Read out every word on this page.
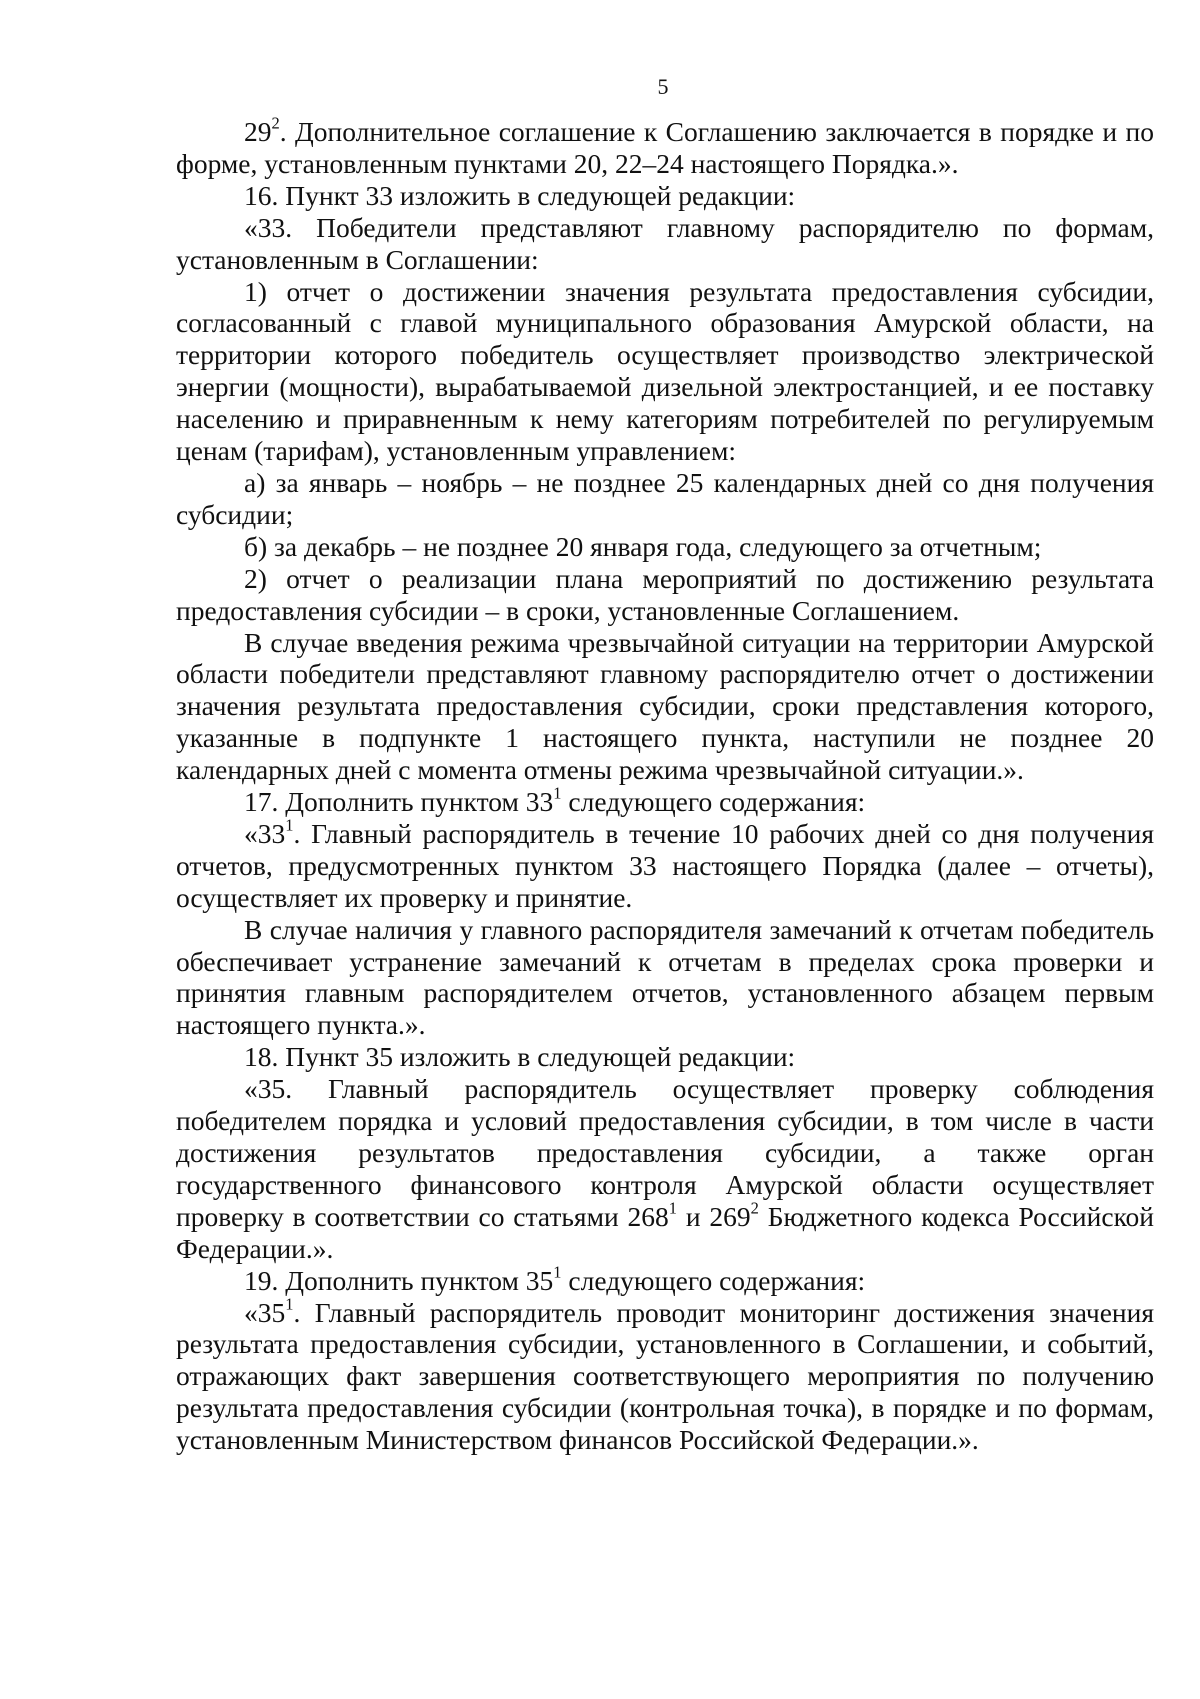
5

$29^2$. Дополнительное соглашение к Соглашению заключается в порядке и по форме, установленным пунктами 20, 22–24 настоящего Порядка.».

16. Пункт 33 изложить в следующей редакции:

«33. Победители представляют главному распорядителю по формам, установленным в Соглашении:

1) отчет о достижении значения результата предоставления субсидии, согласованный с главой муниципального образования Амурской области, на территории которого победитель осуществляет производство электрической энергии (мощности), вырабатываемой дизельной электростанцией, и ее поставку населению и приравненным к нему категориям потребителей по регулируемым ценам (тарифам), установленным управлением:

а) за январь – ноябрь – не позднее 25 календарных дней со дня получения субсидии;

б) за декабрь – не позднее 20 января года, следующего за отчетным;

2) отчет о реализации плана мероприятий по достижению результата предоставления субсидии – в сроки, установленные Соглашением.

В случае введения режима чрезвычайной ситуации на территории Амурской области победители представляют главному распорядителю отчет о достижении значения результата предоставления субсидии, сроки представления которого, указанные в подпункте 1 настоящего пункта, наступили не позднее 20 календарных дней с момента отмены режима чрезвычайной ситуации.».

17. Дополнить пунктом $33^1$ следующего содержания:

«$33^1$. Главный распорядитель в течение 10 рабочих дней со дня получения отчетов, предусмотренных пунктом 33 настоящего Порядка (далее – отчеты), осуществляет их проверку и принятие.

В случае наличия у главного распорядителя замечаний к отчетам победитель обеспечивает устранение замечаний к отчетам в пределах срока проверки и принятия главным распорядителем отчетов, установленного абзацем первым настоящего пункта.».

18. Пункт 35 изложить в следующей редакции:

«35. Главный распорядитель осуществляет проверку соблюдения победителем порядка и условий предоставления субсидии, в том числе в части достижения результатов предоставления субсидии, а также орган государственного финансового контроля Амурской области осуществляет проверку в соответствии со статьями $268^1$ и $269^2$ Бюджетного кодекса Российской Федерации.».

19. Дополнить пунктом $35^1$ следующего содержания:

«$35^1$. Главный распорядитель проводит мониторинг достижения значения результата предоставления субсидии, установленного в Соглашении, и событий, отражающих факт завершения соответствующего мероприятия по получению результата предоставления субсидии (контрольная точка), в порядке и по формам, установленным Министерством финансов Российской Федерации.».
